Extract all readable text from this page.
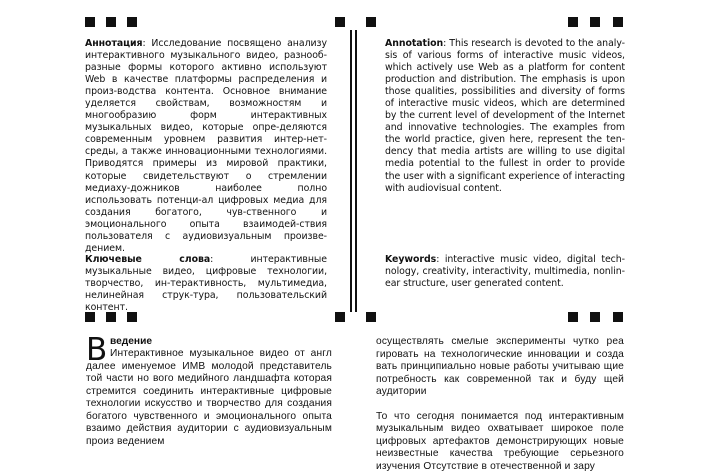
Аннотация: Исследование посвящено анализу интерактивного музыкального видео, разнооб-разные формы которого активно используют Web в качестве платформы распределения и произ-водства контента. Основное внимание уделяется свойствам, возможностям и многообразию форм интерактивных музыкальных видео, которые опре-деляются современным уровнем развития интер-нет-среды, а также инновационными технологиями. Приводятся примеры из мировой практики, которые свидетельствуют о стремлении медиаху-дожников наиболее полно использовать потенци-ал цифровых медиа для создания богатого, чув-ственного и эмоционального опыта взаимодей-ствия пользователя с аудиовизуальным произве-дением.
Ключевые слова: интерактивные музыкальные видео, цифровые технологии, творчество, ин-терактивность, мультимедиа, нелинейная струк-тура, пользовательский контент.
Annotation: This research is devoted to the analy-sis of various forms of interactive music videos, which actively use Web as a platform for content production and distribution. The emphasis is upon those qualities, possibilities and diversity of forms of interactive music videos, which are determined by the current level of development of the Internet and innovative technologies. The examples from the world practice, given here, represent the ten-dency that media artists are willing to use digital media potential to the fullest in order to provide the user with a significant experience of interacting with audiovisual content.
Keywords: interactive music video, digital tech-nology, creativity, interactivity, multimedia, nonlin-ear structure, user generated content.
В ведение

Интерактивное музыкальное видео от англ далее именуемое ИМВ молодой представитель той части но вого медийного ландшафта которая стремится соединить интерактивные цифровые технологии искусство и творчество для создания богатого чувственного и эмоционального опыта взаимо действия аудитории с аудиовизуальным произ ведением

осуществлять смелые эксперименты чутко реа гировать на технологические инновации и созда вать принципиально новые работы учитываю щие потребность как современной так и буду щей аудитории

То что сегодня понимается под интерактивным музыкальным видео охватывает широкое поле цифровых артефактов демонстрирующих новые неизвестные качества требующие серьезного изучения Отсутствие в отечественной и зару
